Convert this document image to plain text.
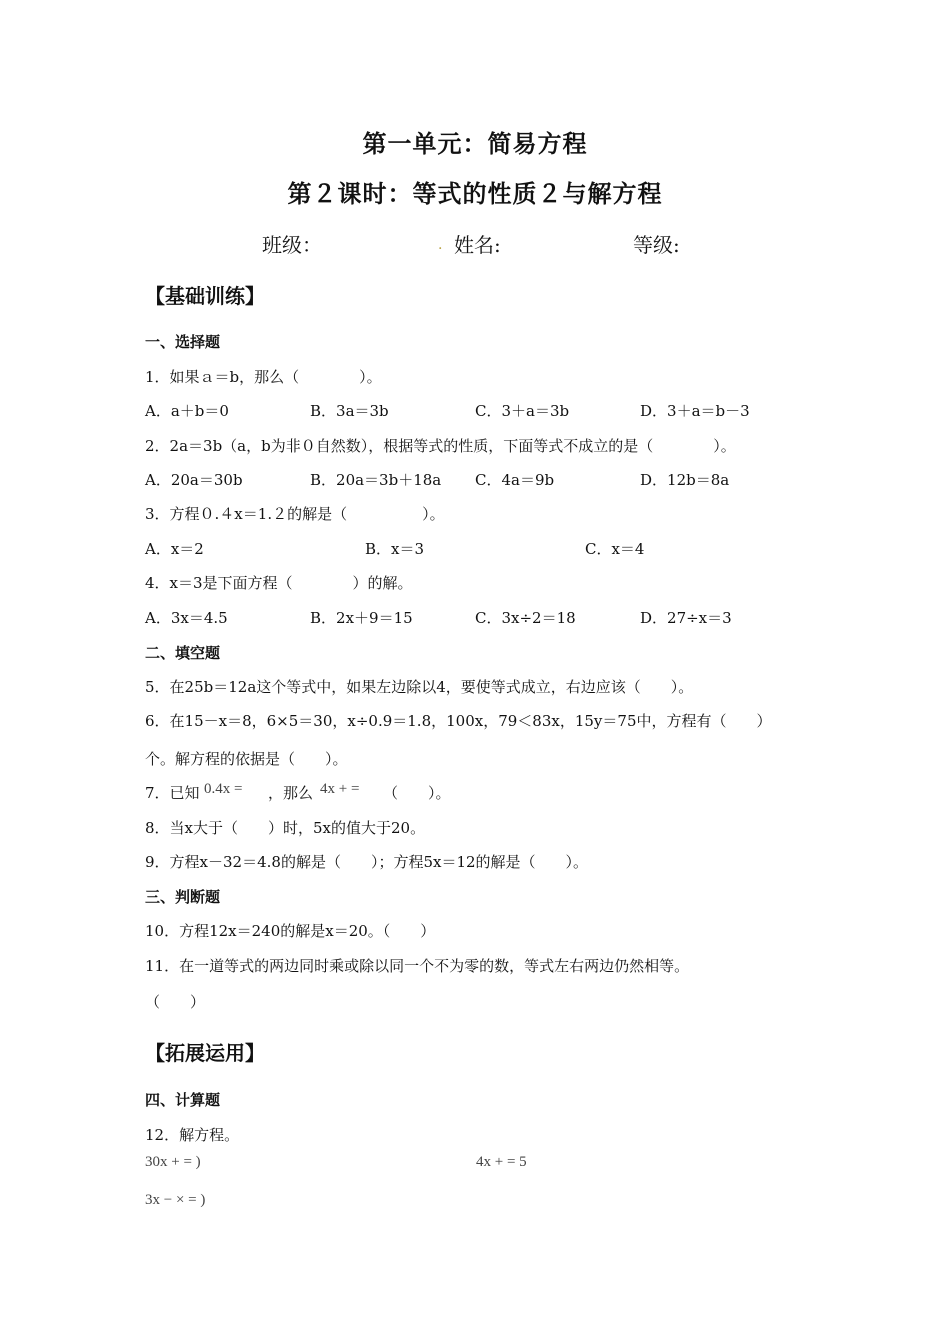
第一单元：简易方程
第２课时：等式的性质２与解方程
班级：	. 姓名:	等级:
【基础训练】
一、选择题
1．如果ａ＝b，那么（　　　　）。
A．a＋b＝0	B．3a＝3b	C．3＋a＝3b	D．3＋a＝b－3
2．2a＝3b（a，b为非０自然数），根据等式的性质，下面等式不成立的是（　　　　）。
A．20a＝30b	B．20a＝3b＋18a C．4a＝9b	D．12b＝8a
3．方程０.４x＝1.２的解是（　　　　　）。
A．x＝2	B．x＝3	C．x＝4
4．x＝3是下面方程（　　　　）的解。
A．3x＝4.5	B．2x＋9＝15	C．3x÷2＝18	D．27÷x＝3
二、填空题
5．在25b＝12a这个等式中，如果左边除以4，要使等式成立，右边应该（　　）。
6．在15－x＝8，6×5＝30，x÷0.9＝1.8，100x，79＜83x，15y＝75中，方程有（　　）
个。解方程的依据是（　　）。
7．已知 0.4x = ，那么 4x + = （　　）。
8．当x大于（　　）时，5x的值大于20。
9．方程x－32＝4.8的解是（　　）；方程5x＝12的解是（　　）。
三、判断题
10．方程12x＝240的解是x＝20。（　　）
11．在一道等式的两边同时乘或除以同一个不为零的数，等式左右两边仍然相等。
（　　）
【拓展运用】
四、计算题
12．解方程。
30x + = )	4x + = 5
3x − × = )
